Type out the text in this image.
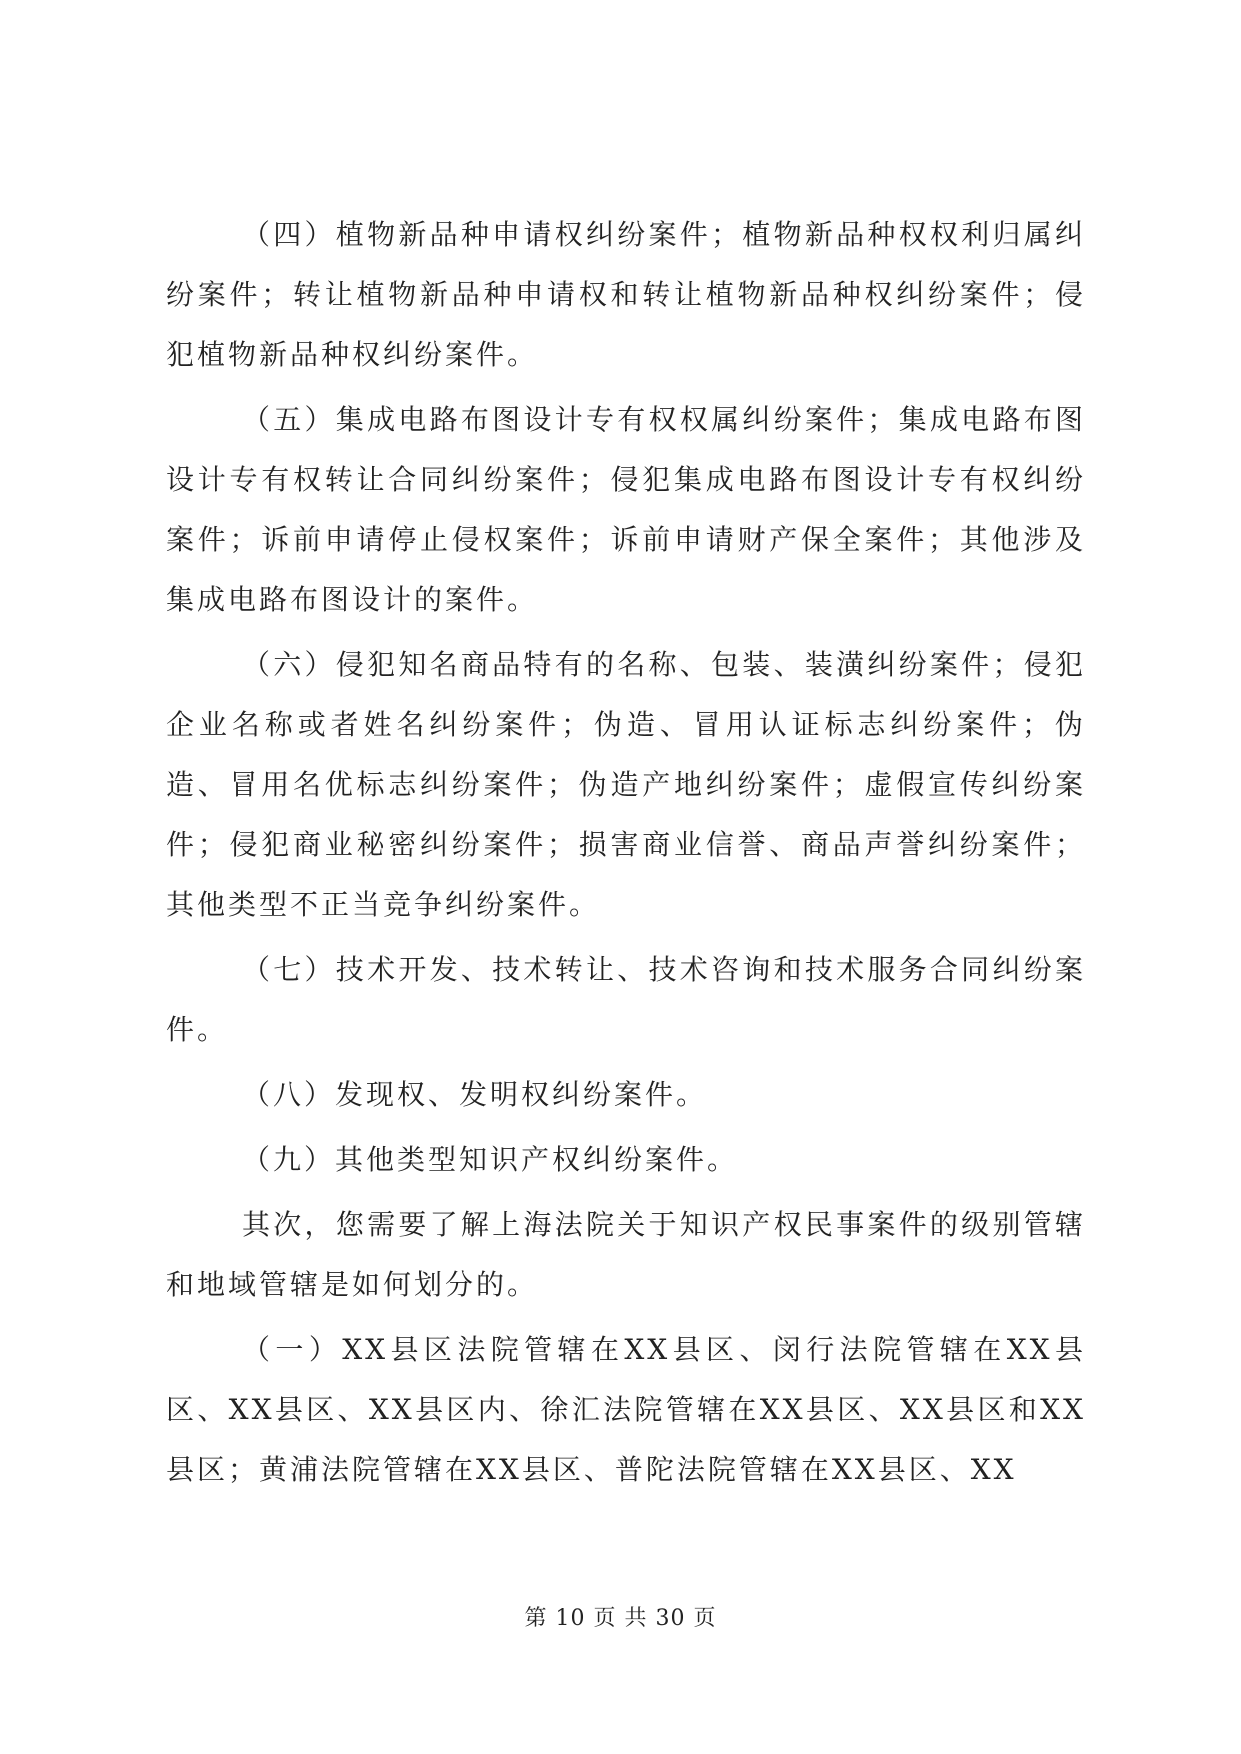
（四）植物新品种申请权纠纷案件；植物新品种权权利归属纠纷案件；转让植物新品种申请权和转让植物新品种权纠纷案件；侵犯植物新品种权纠纷案件。

（五）集成电路布图设计专有权权属纠纷案件；集成电路布图设计专有权转让合同纠纷案件；侵犯集成电路布图设计专有权纠纷案件；诉前申请停止侵权案件；诉前申请财产保全案件；其他涉及集成电路布图设计的案件。

（六）侵犯知名商品特有的名称、包装、装潢纠纷案件；侵犯企业名称或者姓名纠纷案件；伪造、冒用认证标志纠纷案件；伪造、冒用名优标志纠纷案件；伪造产地纠纷案件；虚假宣传纠纷案件；侵犯商业秘密纠纷案件；损害商业信誉、商品声誉纠纷案件；其他类型不正当竞争纠纷案件。

（七）技术开发、技术转让、技术咨询和技术服务合同纠纷案件。

（八）发现权、发明权纠纷案件。

（九）其他类型知识产权纠纷案件。

其次，您需要了解上海法院关于知识产权民事案件的级别管辖和地域管辖是如何划分的。

（一）XX县区法院管辖在XX县区、闵行法院管辖在XX县区、XX县区、XX县区内、徐汇法院管辖在XX县区、XX县区和XX县区；黄浦法院管辖在XX县区、普陀法院管辖在XX县区、XX

第 10 页 共 30 页
